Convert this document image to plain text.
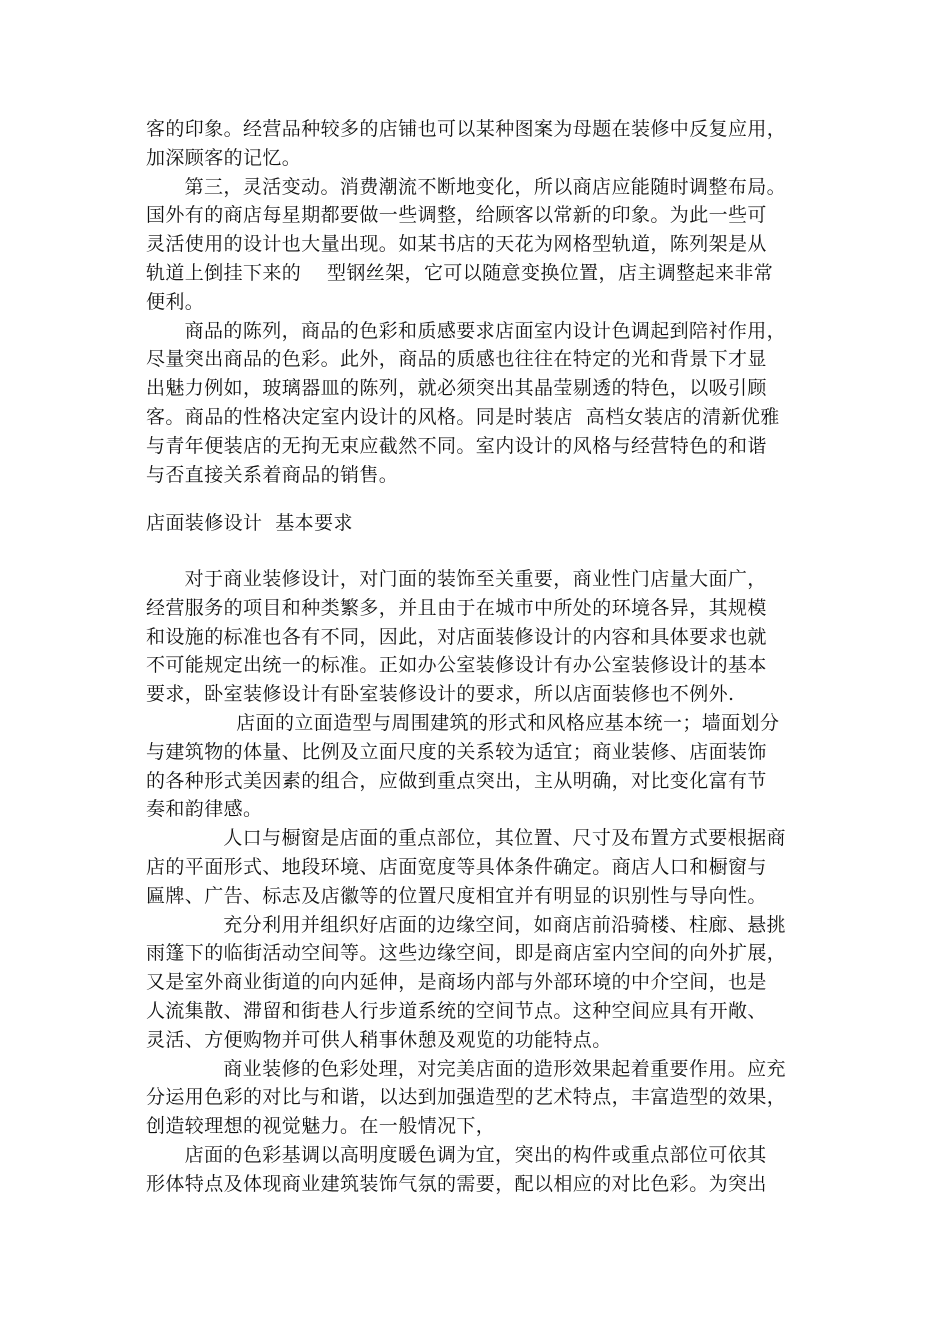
客的印象。经营品种较多的店铺也可以某种图案为母题在装修中反复应用，
加深顾客的记忆。
第三，灵活变动。消费潮流不断地变化，所以商店应能随时调整布局。
国外有的商店每星期都要做一些调整，给顾客以常新的印象。为此一些可
灵活使用的设计也大量出现。如某书店的天花为网格型轨道，陈列架是从
轨道上倒挂下来的    型钢丝架，它可以随意变换位置，店主调整起来非常
便利。
商品的陈列，商品的色彩和质感要求店面室内设计色调起到陪衬作用，
尽量突出商品的色彩。此外，商品的质感也往往在特定的光和背景下才显
出魅力例如，玻璃器皿的陈列，就必须突出其晶莹剔透的特色，以吸引顾
客。商品的性格决定室内设计的风格。同是时装店  高档女装店的清新优雅
与青年便装店的无拘无束应截然不同。室内设计的风格与经营特色的和谐
与否直接关系着商品的销售。
店面装修设计  基本要求
对于商业装修设计，对门面的装饰至关重要，商业性门店量大面广，
经营服务的项目和种类繁多，并且由于在城市中所处的环境各异，其规模
和设施的标准也各有不同，因此，对店面装修设计的内容和具体要求也就
不可能规定出统一的标准。正如办公室装修设计有办公室装修设计的基本
要求，卧室装修设计有卧室装修设计的要求，所以店面装修也不例外.
店面的立面造型与周围建筑的形式和风格应基本统一；墙面划分
与建筑物的体量、比例及立面尺度的关系较为适宜；商业装修、店面装饰
的各种形式美因素的组合，应做到重点突出，主从明确，对比变化富有节
奏和韵律感。
人口与橱窗是店面的重点部位，其位置、尺寸及布置方式要根据商
店的平面形式、地段环境、店面宽度等具体条件确定。商店人口和橱窗与
匾牌、广告、标志及店徽等的位置尺度相宜并有明显的识别性与导向性。
充分利用并组织好店面的边缘空间，如商店前沿骑楼、柱廊、悬挑
雨篷下的临街活动空间等。这些边缘空间，即是商店室内空间的向外扩展，
又是室外商业街道的向内延伸，是商场内部与外部环境的中介空间，也是
人流集散、滞留和街巷人行步道系统的空间节点。这种空间应具有开敞、
灵活、方便购物并可供人稍事休憩及观览的功能特点。
商业装修的色彩处理，对完美店面的造形效果起着重要作用。应充
分运用色彩的对比与和谐，以达到加强造型的艺术特点，丰富造型的效果，
创造较理想的视觉魅力。在一般情况下，
店面的色彩基调以高明度暖色调为宜，突出的构件或重点部位可依其
形体特点及体现商业建筑装饰气氛的需要，配以相应的对比色彩。为突出
